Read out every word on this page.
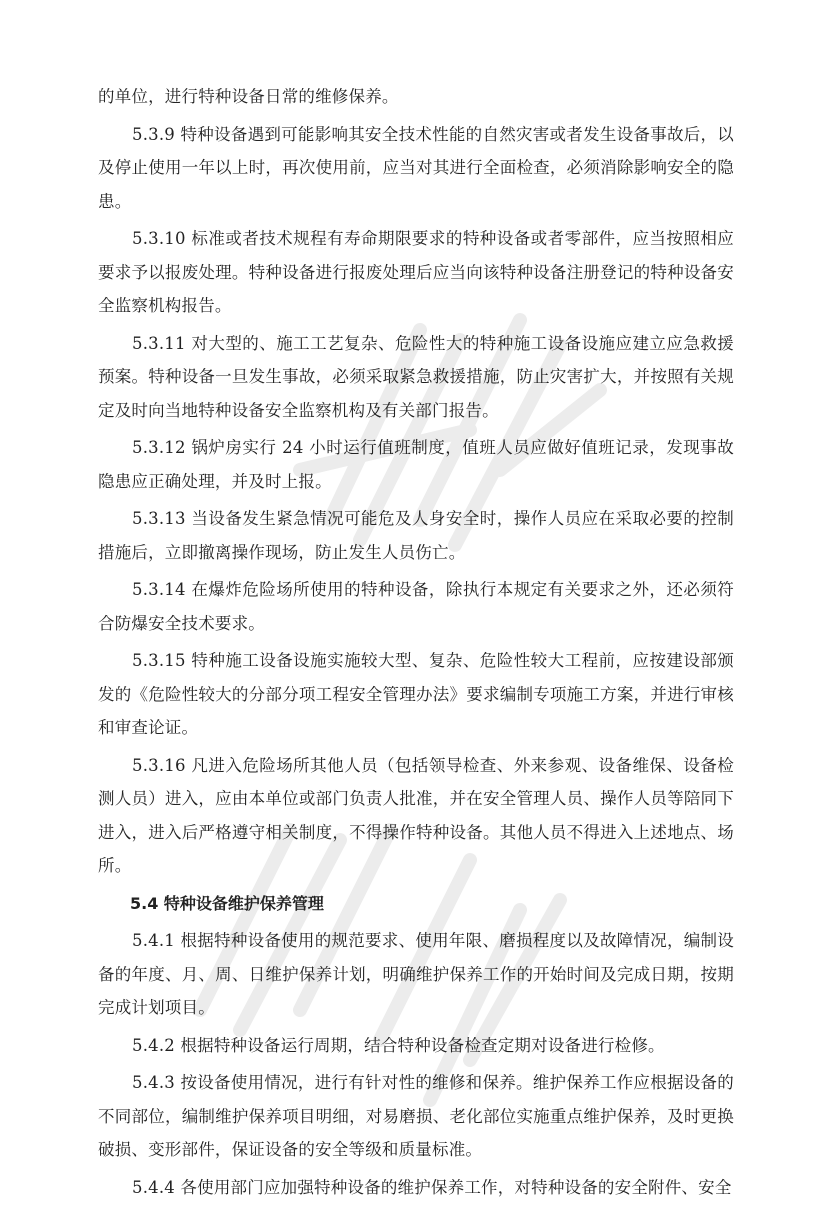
的单位，进行特种设备日常的维修保养。

5.3.9 特种设备遇到可能影响其安全技术性能的自然灾害或者发生设备事故后，以及停止使用一年以上时，再次使用前，应当对其进行全面检查，必须消除影响安全的隐患。

5.3.10 标准或者技术规程有寿命期限要求的特种设备或者零部件，应当按照相应要求予以报废处理。特种设备进行报废处理后应当向该特种设备注册登记的特种设备安全监察机构报告。

5.3.11 对大型的、施工工艺复杂、危险性大的特种施工设备设施应建立应急救援预案。特种设备一旦发生事故，必须采取紧急救援措施，防止灾害扩大，并按照有关规定及时向当地特种设备安全监察机构及有关部门报告。

5.3.12 锅炉房实行 24 小时运行值班制度，值班人员应做好值班记录，发现事故隐患应正确处理，并及时上报。

5.3.13 当设备发生紧急情况可能危及人身安全时，操作人员应在采取必要的控制措施后，立即撤离操作现场，防止发生人员伤亡。

5.3.14 在爆炸危险场所使用的特种设备，除执行本规定有关要求之外，还必须符合防爆安全技术要求。

5.3.15 特种施工设备设施实施较大型、复杂、危险性较大工程前，应按建设部颁发的《危险性较大的分部分项工程安全管理办法》要求编制专项施工方案，并进行审核和审查论证。

5.3.16 凡进入危险场所其他人员（包括领导检查、外来参观、设备维保、设备检测人员）进入，应由本单位或部门负责人批准，并在安全管理人员、操作人员等陪同下进入，进入后严格遵守相关制度，不得操作特种设备。其他人员不得进入上述地点、场所。

5.4 特种设备维护保养管理

5.4.1 根据特种设备使用的规范要求、使用年限、磨损程度以及故障情况，编制设备的年度、月、周、日维护保养计划，明确维护保养工作的开始时间及完成日期，按期完成计划项目。

5.4.2 根据特种设备运行周期，结合特种设备检查定期对设备进行检修。

5.4.3 按设备使用情况，进行有针对性的维修和保养。维护保养工作应根据设备的不同部位，编制维护保养项目明细，对易磨损、老化部位实施重点维护保养，及时更换破损、变形部件，保证设备的安全等级和质量标准。

5.4.4 各使用部门应加强特种设备的维护保养工作，对特种设备的安全附件、安全
